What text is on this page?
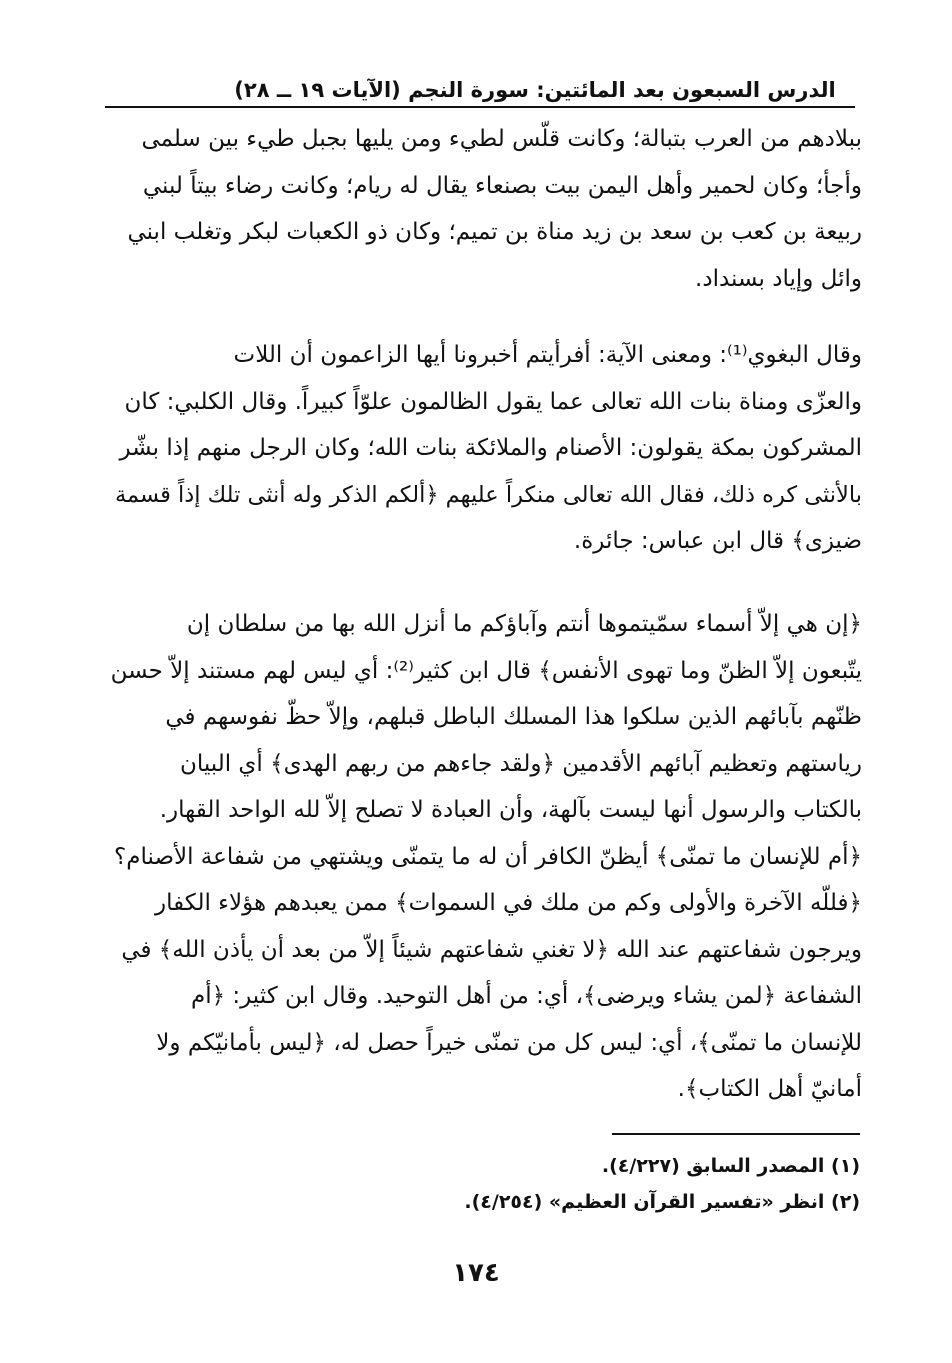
الدرس السبعون بعد المائتين: سورة النجم (الآيات ١٩ ــ ٢٨)
ببلادهم من العرب بتبالة؛ وكانت قلّس لطيء ومن يليها بجبل طيء بين سلمى
وأجأ؛ وكان لحمير وأهل اليمن بيت بصنعاء يقال له ريام؛ وكانت رضاء بيتاً لبني
ربيعة بن كعب بن سعد بن زيد مناة بن تميم؛ وكان ذو الكعبات لبكر وتغلب ابني
وائل وإياد بسنداد.
وقال البغوي⁽¹⁾: ومعنى الآية: أفرأيتم أخبرونا أيها الزاعمون أن اللات
والعزّى ومناة بنات الله تعالى عما يقول الظالمون علوّاً كبيراً. وقال الكلبي: كان
المشركون بمكة يقولون: الأصنام والملائكة بنات الله؛ وكان الرجل منهم إذا بشّر
بالأنثى كره ذلك، فقال الله تعالى منكراً عليهم ﴿ألكم الذكر وله أنثى تلك إذاً قسمة
ضيزى﴾ قال ابن عباس: جائرة.
﴿إن هي إلاّ أسماء سمّيتموها أنتم وآباؤكم ما أنزل الله بها من سلطان إن
يتّبعون إلاّ الظنّ وما تهوى الأنفس﴾ قال ابن كثير⁽²⁾: أي ليس لهم مستند إلاّ حسن
ظنّهم بآبائهم الذين سلكوا هذا المسلك الباطل قبلهم، وإلاّ حظّ نفوسهم في
رياستهم وتعظيم آبائهم الأقدمين ﴿ولقد جاءهم من ربهم الهدى﴾ أي البيان
بالكتاب والرسول أنها ليست بآلهة، وأن العبادة لا تصلح إلاّ لله الواحد القهار.
﴿أم للإنسان ما تمنّى﴾ أيظنّ الكافر أن له ما يتمنّى ويشتهي من شفاعة الأصنام؟
﴿فللّه الآخرة والأولى وكم من ملك في السموات﴾ ممن يعبدهم هؤلاء الكفار
ويرجون شفاعتهم عند الله ﴿لا تغني شفاعتهم شيئاً إلاّ من بعد أن يأذن الله﴾ في
الشفاعة ﴿لمن يشاء ويرضى﴾، أي: من أهل التوحيد. وقال ابن كثير: ﴿أم
للإنسان ما تمنّى﴾، أي: ليس كل من تمنّى خيراً حصل له، ﴿ليس بأمانيّكم ولا
أمانيّ أهل الكتاب﴾.
(١) المصدر السابق (٤/٢٢٧).
(٢) انظر «تفسير القرآن العظيم» (٤/٢٥٤).
١٧٤
